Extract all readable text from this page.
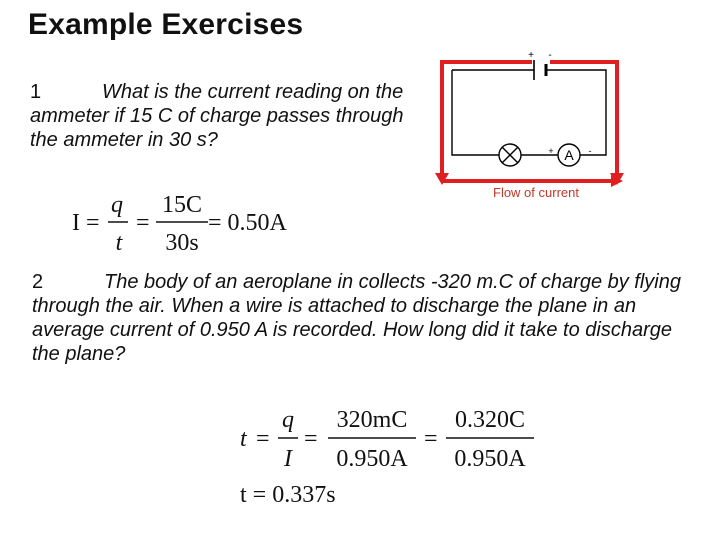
Example Exercises
1	What is the current reading on the ammeter if 15 C of charge passes through the ammeter in 30 s?
+ -
A
+	-
Flow of current
I =
q
t
=
15C
30s
= 0.50A
2	The body of an aeroplane in collects -320 m.C of charge by flying through the air. When a wire is attached to discharge the plane in an average current of 0.950 A is recorded. How long did it take to discharge the plane?
t =
q
I
=
320mC
0.950A
=
0.320C
0.950A
t = 0.337s
